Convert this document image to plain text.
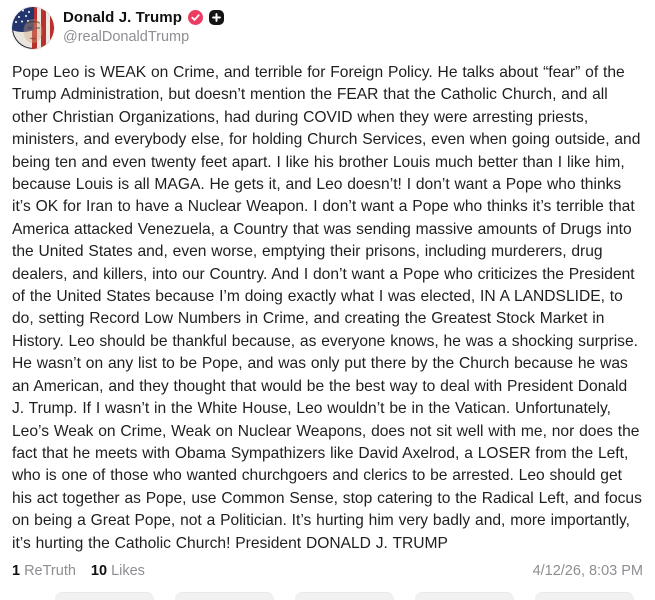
Donald J. Trump
@realDonaldTrump
Pope Leo is WEAK on Crime, and terrible for Foreign Policy. He talks about “fear” of the Trump Administration, but doesn’t mention the FEAR that the Catholic Church, and all other Christian Organizations, had during COVID when they were arresting priests, ministers, and everybody else, for holding Church Services, even when going outside, and being ten and even twenty feet apart. I like his brother Louis much better than I like him, because Louis is all MAGA. He gets it, and Leo doesn’t! I don’t want a Pope who thinks it’s OK for Iran to have a Nuclear Weapon. I don’t want a Pope who thinks it’s terrible that America attacked Venezuela, a Country that was sending massive amounts of Drugs into the United States and, even worse, emptying their prisons, including murderers, drug dealers, and killers, into our Country. And I don’t want a Pope who criticizes the President of the United States because I’m doing exactly what I was elected, IN A LANDSLIDE, to do, setting Record Low Numbers in Crime, and creating the Greatest Stock Market in History. Leo should be thankful because, as everyone knows, he was a shocking surprise. He wasn’t on any list to be Pope, and was only put there by the Church because he was an American, and they thought that would be the best way to deal with President Donald J. Trump. If I wasn’t in the White House, Leo wouldn’t be in the Vatican. Unfortunately, Leo’s Weak on Crime, Weak on Nuclear Weapons, does not sit well with me, nor does the fact that he meets with Obama Sympathizers like David Axelrod, a LOSER from the Left, who is one of those who wanted churchgoers and clerics to be arrested. Leo should get his act together as Pope, use Common Sense, stop catering to the Radical Left, and focus on being a Great Pope, not a Politician. It’s hurting him very badly and, more importantly, it’s hurting the Catholic Church! President DONALD J. TRUMP
1 ReTruth 10 Likes	4/12/26, 8:03 PM
